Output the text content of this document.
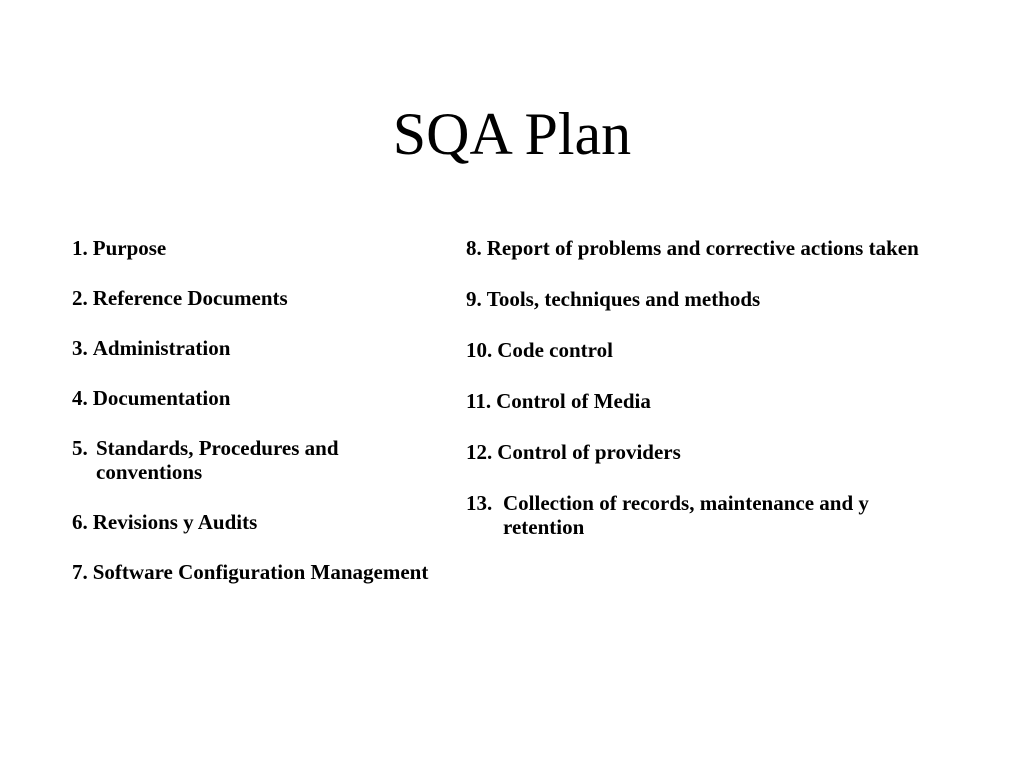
SQA Plan
1. Purpose
2. Reference Documents
3. Administration
4. Documentation
5. Standards, Procedures and conventions
6. Revisions y Audits
7. Software Configuration Management
8. Report of problems and corrective actions taken
9. Tools, techniques and methods
10. Code control
11. Control of Media
12. Control of providers
13. Collection of records, maintenance and y retention
